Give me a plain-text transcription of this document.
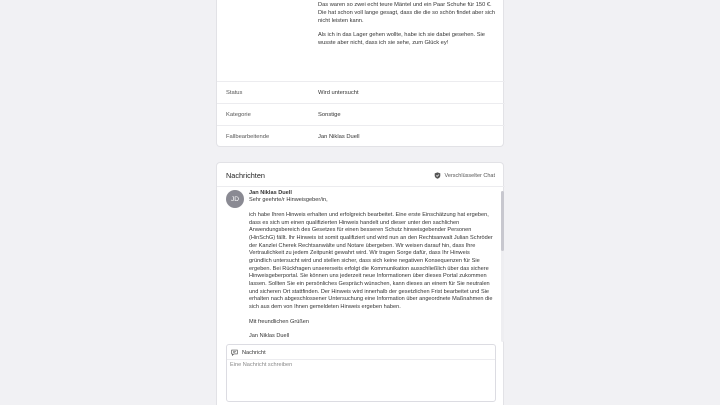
Das waren so zwei echt teure Mäntel und ein Paar Schuhe für 150 €. Die hat schon voll lange gesagt, dass die die so schön findet aber sich nicht leisten kann.

Als ich in das Lager gehen wollte, habe ich sie dabei gesehen. Sie wusste aber nicht, dass ich sie sehe, zum Glück ey!

Status	Wird untersucht
Kategorie	Sonstige
Fallbearbeitende	Jan Niklas Duell
Nachrichten	Verschlüsselter Chat
JD
Jan Niklas Duell
Sehr geehrte/r Hinweisgeber/in,

ich habe Ihren Hinweis erhalten und erfolgreich bearbeitet. Eine erste Einschätzung hat ergeben, dass es sich um einen qualifizierten Hinweis handelt und dieser unter den sachlichen Anwendungsbereich des Gesetzes für einen besseren Schutz hinweisgebender Personen (HinSchG) fällt. Ihr Hinweis ist somit qualifiziert und wird nun an den Rechtsanwalt Julian Schröder der Kanzlei Cherek Rechtsanwälte und Notare übergeben. Wir weisen darauf hin, dass Ihre Vertraulichkeit zu jedem Zeitpunkt gewahrt wird. Wir tragen Sorge dafür, dass Ihr Hinweis gründlich untersucht wird und stellen sicher, dass sich keine negativen Konsequenzen für Sie ergeben. Bei Rückfragen unsererseits erfolgt die Kommunikation ausschließlich über das sichere Hinweisgeberportal. Sie können uns jederzeit neue Informationen über dieses Portal zukommen lassen. Sollten Sie ein persönliches Gespräch wünschen, kann dieses an einem für Sie neutralen und sicheren Ort stattfinden. Der Hinweis wird innerhalb der gesetzlichen Frist bearbeitet und Sie erhalten nach abgeschlossener Untersuchung eine Information über angeordnete Maßnahmen die sich aus dem von Ihnen gemeldeten Hinweis ergeben haben.

Mit freundlichen Grüßen

Jan Niklas Duell

Nachricht
Eine Nachricht schreiben
